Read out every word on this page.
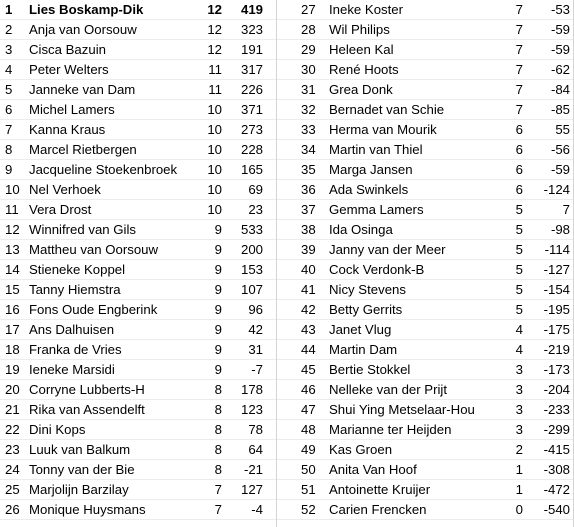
1	Lies Boskamp-Dik	12	419
2	Anja van Oorsouw	12	323
3	Cisca Bazuin	12	191
4	Peter Welters	11	317
5	Janneke van Dam	11	226
6	Michel Lamers	10	371
7	Kanna Kraus	10	273
8	Marcel Rietbergen	10	228
9	Jacqueline Stoekenbroek	10	165
10 Nel Verhoek	10	69
11 Vera Drost	10	23
12 Winnifred van Gils	9	533
13 Mattheu van Oorsouw	9	200
14 Stieneke Koppel	9	153
15 Tanny Hiemstra	9	107
16 Fons Oude Engberink	9	96
17 Ans Dalhuisen	9	42
18 Franka de Vries	9	31
19 Ieneke Marsidi	9	-7
20 Corryne Lubberts-H	8	178
21 Rika van Assendelft	8	123
22 Dini Kops	8	78
23 Luuk van Balkum	8	64
24 Tonny van der Bie	8	-21
25 Marjolijn Barzilay	7	127
26 Monique Huysmans	7	-4
27	Ineke Koster	7	-53
28	Wil Philips	7	-59
29	Heleen Kal	7	-59
30	René Hoots	7	-62
31	Grea Donk	7	-84
32	Bernadet van Schie	7	-85
33	Herma van Mourik	6	55
34	Martin van Thiel	6	-56
35	Marga Jansen	6	-59
36	Ada Swinkels	6	-124
37	Gemma Lamers	5	7
38	Ida Osinga	5	-98
39	Janny van der Meer	5	-114
40	Cock Verdonk-B	5	-127
41	Nicy Stevens	5	-154
42	Betty Gerrits	5	-195
43	Janet Vlug	4	-175
44	Martin Dam	4	-219
45	Bertie Stokkel	3	-173
46	Nelleke van der Prijt	3	-204
47	Shui Ying Metselaar-Hou	3	-233
48	Marianne ter Heijden	3	-299
49	Kas Groen	2	-415
50	Anita Van Hoof	1	-308
51	Antoinette Kruijer	1	-472
52	Carien Frencken	0	-540
